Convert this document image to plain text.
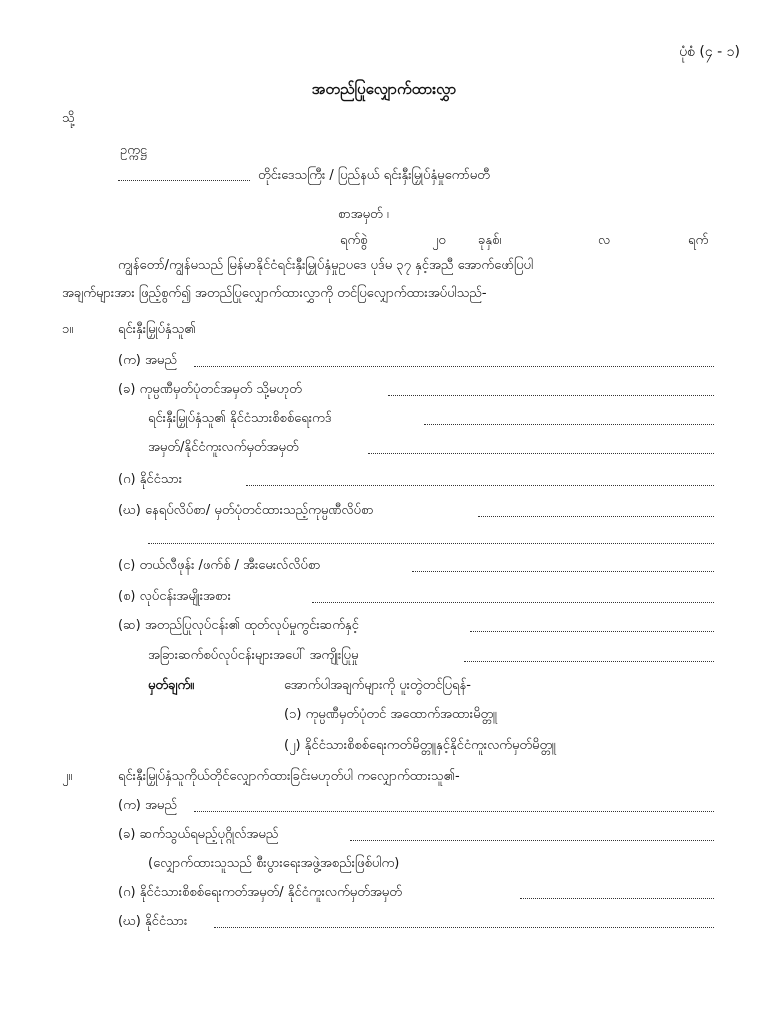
ပုံစံ (၄ - ၁)
အတည်ပြုလျှောက်ထားလွှာ
သို့
ဥက္ကဋ္ဌ
တိုင်းဒေသကြီး / ပြည်နယ် ရင်းနှီးမြှုပ်နှံမှုကော်မတီ
စာအမှတ် ၊
ရက်စွဲ	၂၀ ခုနှစ်၊	လ	ရက်
ကျွန်တော်/ကျွန်မသည် မြန်မာနိုင်ငံရင်းနှီးမြှုပ်နှံမှုဥပဒေ ပုဒ်မ ၃၇ နှင့်အညီ အောက်ဖော်ပြပါ
အချက်များအား ဖြည့်စွက်၍ အတည်ပြုလျှောက်ထားလွှာကို တင်ပြလျှောက်ထားအပ်ပါသည်-
၁။	ရင်းနှီးမြှုပ်နှံသူ၏
(က) အမည်
(ခ) ကုမ္ပဏီမှတ်ပုံတင်အမှတ် သို့မဟုတ်
ရင်းနှီးမြှုပ်နှံသူ၏ နိုင်ငံသားစိစစ်ရေးကဒ်
အမှတ်/နိုင်ငံကူးလက်မှတ်အမှတ်
(ဂ) နိုင်ငံသား
(ဃ) နေရပ်လိပ်စာ/ မှတ်ပုံတင်ထားသည့်ကုမ္ပဏီလိပ်စာ
(င) တယ်လီဖုန်း /ဖက်စ် / အီးမေးလ်လိပ်စာ
(စ) လုပ်ငန်းအမျိုးအစား
(ဆ) အတည်ပြုလုပ်ငန်း၏ ထုတ်လုပ်မှုကွင်းဆက်နှင့်
အခြားဆက်စပ်လုပ်ငန်းများအပေါ် အကျိုးပြုမှု
မှတ်ချက်။	အောက်ပါအချက်များကို ပူးတွဲတင်ပြရန်-
(၁) ကုမ္ပဏီမှတ်ပုံတင် အထောက်အထားမိတ္တူ
(၂) နိုင်ငံသားစိစစ်ရေးကတ်မိတ္တူနှင့်နိုင်ငံကူးလက်မှတ်မိတ္တူ
၂။	ရင်းနှီးမြှုပ်နှံသူကိုယ်တိုင်လျှောက်ထားခြင်းမဟုတ်ပါ ကလျှောက်ထားသူ၏-
(က) အမည်
(ခ) ဆက်သွယ်ရမည့်ပုဂ္ဂိုလ်အမည်
(လျှောက်ထားသူသည် စီးပွားရေးအဖွဲ့အစည်းဖြစ်ပါက)
(ဂ) နိုင်ငံသားစိစစ်ရေးကတ်အမှတ်/ နိုင်ငံကူးလက်မှတ်အမှတ်
(ဃ) နိုင်ငံသား
